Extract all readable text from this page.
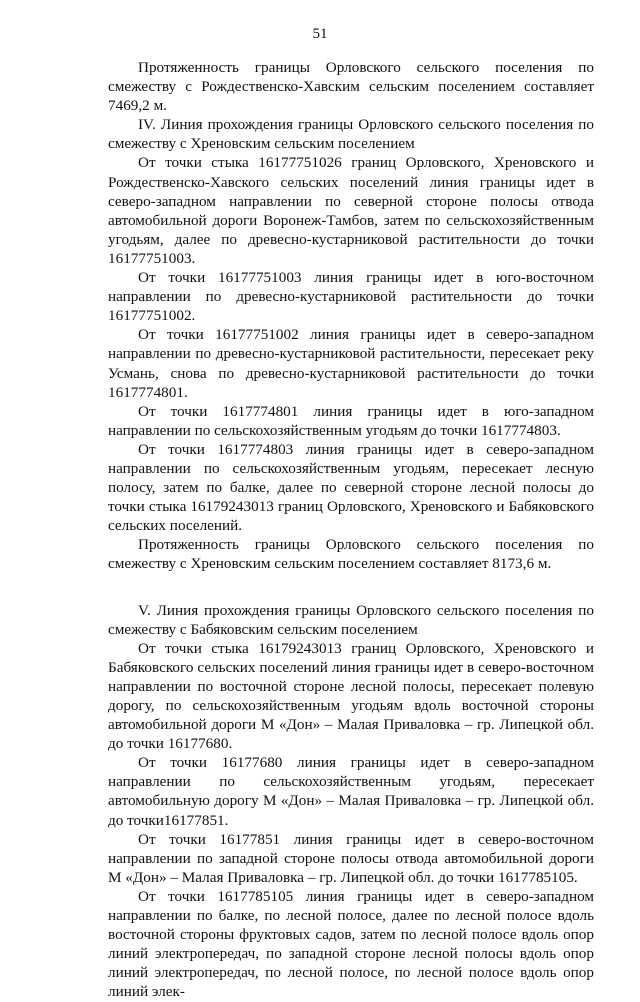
51

Протяженность границы Орловского сельского поселения по смежеству с Рождественско-Хавским сельским поселением составляет 7469,2 м.

IV. Линия прохождения границы Орловского сельского поселения по смежеству с Хреновским сельским поселением

От точки стыка 16177751026 границ Орловского, Хреновского и Рождественско-Хавского сельских поселений линия границы идет в северо-западном направлении по северной стороне полосы отвода автомобильной дороги Воронеж-Тамбов, затем по сельскохозяйственным угодьям, далее по древесно-кустарниковой растительности до точки 16177751003.

От точки 16177751003 линия границы идет в юго-восточном направлении по древесно-кустарниковой растительности до точки 16177751002.

От точки 16177751002 линия границы идет в северо-западном направлении по древесно-кустарниковой растительности, пересекает реку Усмань, снова по древесно-кустарниковой растительности до точки 1617774801.

От точки 1617774801 линия границы идет в юго-западном направлении по сельскохозяйственным угодьям до точки 1617774803.

От точки 1617774803 линия границы идет в северо-западном направлении по сельскохозяйственным угодьям, пересекает лесную полосу, затем по балке, далее по северной стороне лесной полосы до точки стыка 16179243013 границ Орловского, Хреновского и Бабяковского сельских поселений.

Протяженность границы Орловского сельского поселения по смежеству с Хреновским сельским поселением составляет 8173,6 м.

V. Линия прохождения границы Орловского сельского поселения по смежеству с Бабяковским сельским поселением

От точки стыка 16179243013 границ Орловского, Хреновского и Бабяковского сельских поселений линия границы идет в северо-восточном направлении по восточной стороне лесной полосы, пересекает полевую дорогу, по сельскохозяйственным угодьям вдоль восточной стороны автомобильной дороги М «Дон» – Малая Приваловка – гр. Липецкой обл. до точки 16177680.

От точки 16177680 линия границы идет в северо-западном направлении по сельскохозяйственным угодьям, пересекает автомобильную дорогу М «Дон» – Малая Приваловка – гр. Липецкой обл. до точки16177851.

От точки 16177851 линия границы идет в северо-восточном направлении по западной стороне полосы отвода автомобильной дороги М «Дон» – Малая Приваловка – гр. Липецкой обл. до точки 1617785105.

От точки 1617785105 линия границы идет в северо-западном направлении по балке, по лесной полосе, далее по лесной полосе вдоль восточной стороны фруктовых садов, затем по лесной полосе вдоль опор линий электропередач, по западной стороне лесной полосы вдоль опор линий электропередач, по лесной полосе, по лесной полосе вдоль опор линий элек-
